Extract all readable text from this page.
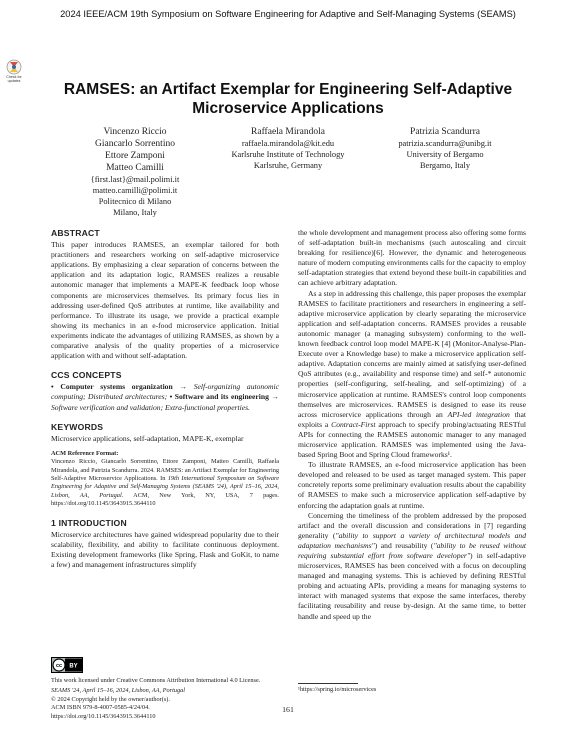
2024 IEEE/ACM 19th Symposium on Software Engineering for Adaptive and Self-Managing Systems (SEAMS)
Check for updates	RAMSES: an Artifact Exemplar for Engineering Self-Adaptive
Microservice Applications
Vincenzo Riccio
Giancarlo Sorrentino
Ettore Zamponi
Matteo Camilli
{first.last}@mail.polimi.it
matteo.camilli@polimi.it
Politecnico di Milano
Milano, Italy
Raffaela Mirandola
raffaela.mirandola@kit.edu
Karlsruhe Institute of Technology
Karlsruhe, Germany
Patrizia Scandurra
patrizia.scandurra@unibg.it
University of Bergamo
Bergamo, Italy
ABSTRACT

This paper introduces RAMSES, an exemplar tailored for both practitioners and researchers working on self-adaptive microservice applications. By emphasizing a clear separation of concerns between the application and its adaptation logic, RAMSES realizes a reusable autonomic manager that implements a MAPE-K feedback loop whose components are microservices themselves. Its primary focus lies in addressing user-defined QoS attributes at runtime, like availability and performance. To illustrate its usage, we provide a practical example showing its mechanics in an e-food microservice application. Initial experiments indicate the advantages of utilizing RAMSES, as shown by a comparative analysis of the quality properties of a microservice application with and without self-adaptation.

CCS CONCEPTS

• Computer systems organization → Self-organizing autonomic computing; Distributed architectures; • Software and its engineering → Software verification and validation; Extra-functional properties.

KEYWORDS

Microservice applications, self-adaptation, MAPE-K, exemplar

ACM Reference Format:
Vincenzo Riccio, Giancarlo Sorrentino, Ettore Zamponi, Matteo Camilli, Raffaela Mirandola, and Patrizia Scandurra. 2024. RAMSES: an Artifact Exemplar for Engineering Self-Adaptive Microservice Applications. In 19th International Symposium on Software Engineering for Adaptive and Self-Managing Systems (SEAMS '24), April 15–16, 2024, Lisbon, AA, Portugal. ACM, New York, NY, USA, 7 pages. https://doi.org/10.1145/3643915.3644110
1 INTRODUCTION

Microservice architectures have gained widespread popularity due to their scalability, flexibility, and ability to facilitate continuous deployment. Existing development frameworks (like Spring, Flask and GoKit, to name a few) and management infrastructures simplify

cc BY
This work licensed under Creative Commons Attribution International 4.0 License.
SEAMS '24, April 15–16, 2024, Lisbon, AA, Portugal
© 2024 Copyright held by the owner/author(s).
ACM ISBN 979-8-4007-0585-4/24/04.
https://doi.org/10.1145/3643915.3644110

the whole development and management process also offering some forms of self-adaptation built-in mechanisms (such autoscaling and circuit breaking for resilience)[6]. However, the dynamic and heterogeneous nature of modern computing environments calls for the capacity to employ self-adaptation strategies that extend beyond these built-in capabilities and can achieve arbitrary adaptation.

As a step in addressing this challenge, this paper proposes the exemplar RAMSES to facilitate practitioners and researchers in engineering a self-adaptive microservice application by clearly separating the microservice application and self-adaptation concerns. RAMSES provides a reusable autonomic manager (a managing subsystem) conforming to the well-known feedback control loop model MAPE-K [4] (Monitor-Analyse-Plan-Execute over a Knowledge base) to make a microservice application self-adaptive. Adaptation concerns are mainly aimed at satisfying user-defined QoS attributes (e.g., availability and response time) and self-* autonomic properties (self-configuring, self-healing, and self-optimizing) of a microservice application at runtime. RAMSES's control loop components themselves are microservices. RAMSES is designed to ease its reuse across microservice applications through an API-led integration that exploits a Contract-First approach to specify probing/actuating RESTful APIs for connecting the RAMSES autonomic manager to any managed microservice application. RAMSES was implemented using the Java-based Spring Boot and Spring Cloud frameworks¹.

To illustrate RAMSES, an e-food microservice application has been developed and released to be used as target managed system. This paper concretely reports some preliminary evaluation results about the capability of RAMSES to make such a microservice application self-adaptive by enforcing the adaptation goals at runtime.

Concerning the timeliness of the problem addressed by the proposed artifact and the overall discussion and considerations in [7] regarding generality ("ability to support a variety of architectural models and adaptation mechanisms") and reusability ("ability to be reused without requiring substantial effort from software developer") in self-adaptive microservices, RAMSES has been conceived with a focus on decoupling managed and managing systems. This is achieved by defining RESTful probing and actuating APIs, providing a means for managing systems to interact with managed systems that expose the same interfaces, thereby facilitating reusability and reuse by-design. At the same time, to better handle and speed up the

¹https://spring.io/microservices
161
